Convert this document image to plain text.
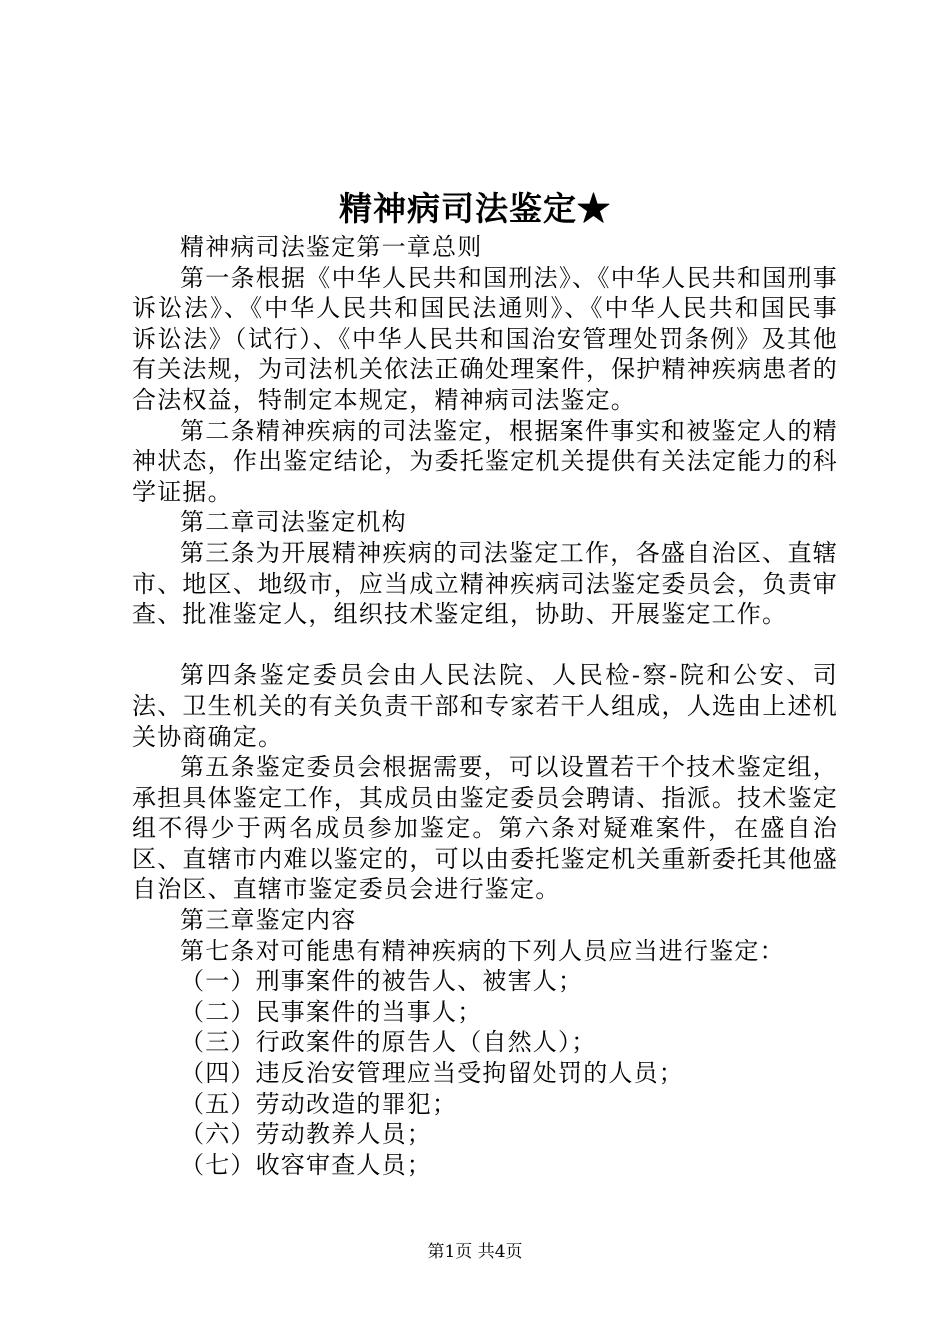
精神病司法鉴定★

精神病司法鉴定第一章总则

第一条根据《中华人民共和国刑法》、《中华人民共和国刑事诉讼法》、《中华人民共和国民法通则》、《中华人民共和国民事诉讼法》（试行）、《中华人民共和国治安管理处罚条例》及其他有关法规，为司法机关依法正确处理案件，保护精神疾病患者的合法权益，特制定本规定，精神病司法鉴定。

第二条精神疾病的司法鉴定，根据案件事实和被鉴定人的精神状态，作出鉴定结论，为委托鉴定机关提供有关法定能力的科学证据。

第二章司法鉴定机构

第三条为开展精神疾病的司法鉴定工作，各盛自治区、直辖市、地区、地级市，应当成立精神疾病司法鉴定委员会，负责审查、批准鉴定人，组织技术鉴定组，协助、开展鉴定工作。

第四条鉴定委员会由人民法院、人民检-察-院和公安、司法、卫生机关的有关负责干部和专家若干人组成，人选由上述机关协商确定。

第五条鉴定委员会根据需要，可以设置若干个技术鉴定组，承担具体鉴定工作，其成员由鉴定委员会聘请、指派。技术鉴定组不得少于两名成员参加鉴定。第六条对疑难案件，在盛自治区、直辖市内难以鉴定的，可以由委托鉴定机关重新委托其他盛自治区、直辖市鉴定委员会进行鉴定。

第三章鉴定内容

第七条对可能患有精神疾病的下列人员应当进行鉴定：

（一）刑事案件的被告人、被害人；

（二）民事案件的当事人；

（三）行政案件的原告人（自然人）；

（四）违反治安管理应当受拘留处罚的人员；

（五）劳动改造的罪犯；

（六）劳动教养人员；

（七）收容审查人员；

第1页 共4页
